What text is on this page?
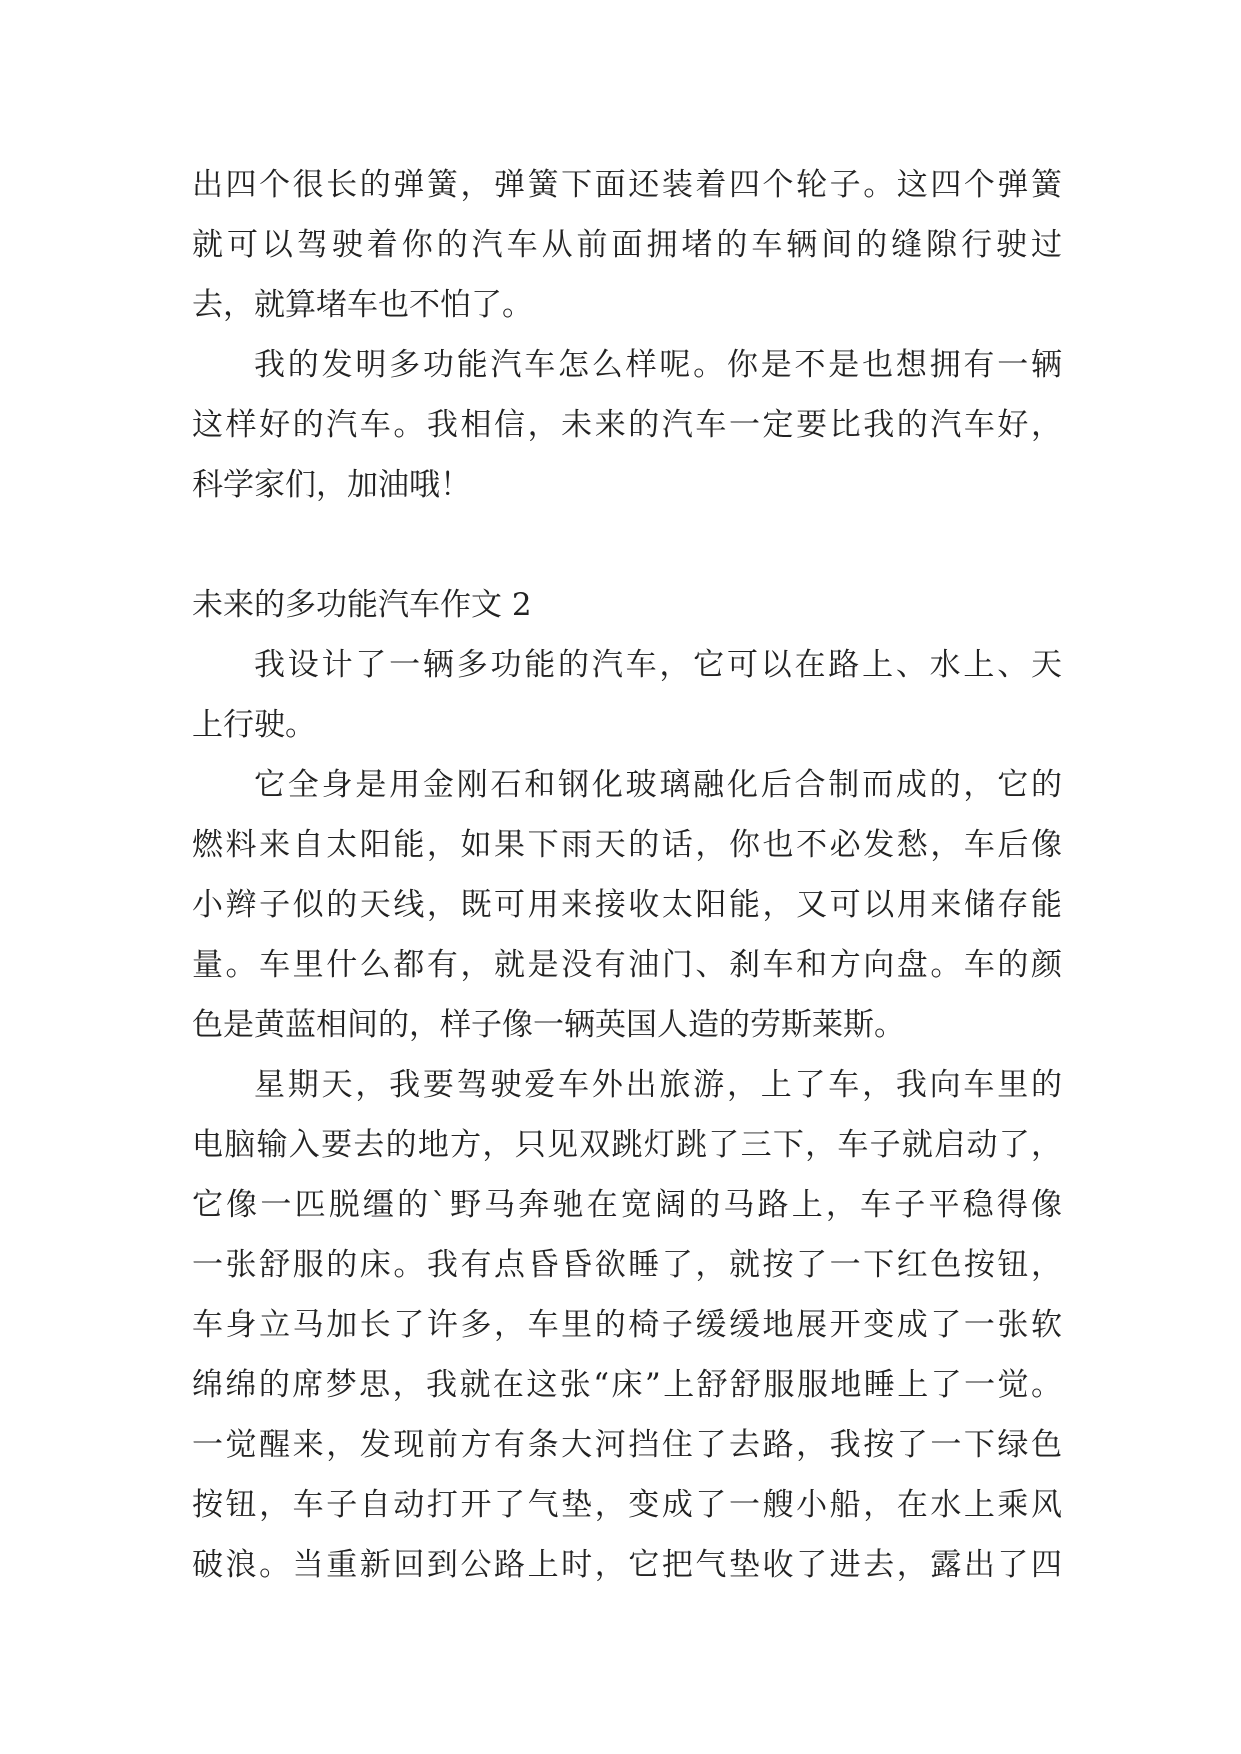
出四个很长的弹簧，弹簧下面还装着四个轮子。这四个弹簧
就可以驾驶着你的汽车从前面拥堵的车辆间的缝隙行驶过
去，就算堵车也不怕了。
我的发明多功能汽车怎么样呢。你是不是也想拥有一辆
这样好的汽车。我相信，未来的汽车一定要比我的汽车好，
科学家们，加油哦！
未来的多功能汽车作文 2
我设计了一辆多功能的汽车，它可以在路上、水上、天
上行驶。
它全身是用金刚石和钢化玻璃融化后合制而成的，它的
燃料来自太阳能，如果下雨天的话，你也不必发愁，车后像
小辫子似的天线，既可用来接收太阳能，又可以用来储存能
量。车里什么都有，就是没有油门、刹车和方向盘。车的颜
色是黄蓝相间的，样子像一辆英国人造的劳斯莱斯。
星期天，我要驾驶爱车外出旅游，上了车，我向车里的
电脑输入要去的地方，只见双跳灯跳了三下，车子就启动了，
它像一匹脱缰的`野马奔驰在宽阔的马路上，车子平稳得像
一张舒服的床。我有点昏昏欲睡了，就按了一下红色按钮，
车身立马加长了许多，车里的椅子缓缓地展开变成了一张软
绵绵的席梦思，我就在这张“床”上舒舒服服地睡上了一觉。
一觉醒来，发现前方有条大河挡住了去路，我按了一下绿色
按钮，车子自动打开了气垫，变成了一艘小船，在水上乘风
破浪。当重新回到公路上时，它把气垫收了进去，露出了四
